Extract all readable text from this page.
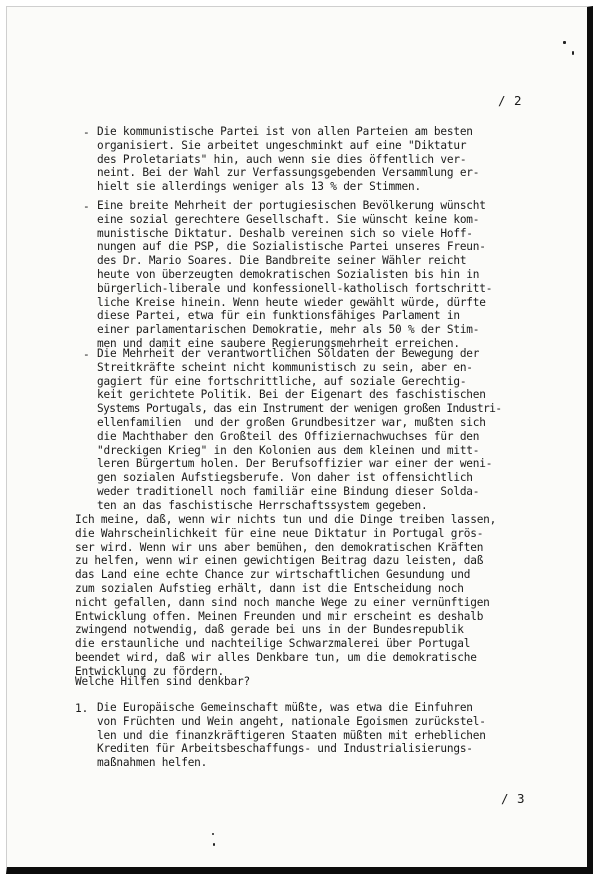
/ 2
- Die kommunistische Partei ist von allen Parteien am besten
organisiert. Sie arbeitet ungeschminkt auf eine "Diktatur
des Proletariats" hin, auch wenn sie dies öffentlich ver-
neint. Bei der Wahl zur Verfassungsgebenden Versammlung er-
hielt sie allerdings weniger als 13 % der Stimmen.
- Eine breite Mehrheit der portugiesischen Bevölkerung wünscht
eine sozial gerechtere Gesellschaft. Sie wünscht keine kom-
munistische Diktatur. Deshalb vereinen sich so viele Hoff-
nungen auf die PSP, die Sozialistische Partei unseres Freun-
des Dr. Mario Soares. Die Bandbreite seiner Wähler reicht
heute von überzeugten demokratischen Sozialisten bis hin in
bürgerlich-liberale und konfessionell-katholisch fortschritt-
liche Kreise hinein. Wenn heute wieder gewählt würde, dürfte
diese Partei, etwa für ein funktionsfähiges Parlament in
einer parlamentarischen Demokratie, mehr als 50 % der Stim-
men und damit eine saubere Regierungsmehrheit erreichen.
- Die Mehrheit der verantwortlichen Soldaten der Bewegung der
Streitkräfte scheint nicht kommunistisch zu sein, aber en-
gagiert für eine fortschrittliche, auf soziale Gerechtig-
keit gerichtete Politik. Bei der Eigenart des faschistischen
Systems Portugals, das ein Instrument der wenigen großen Industri-
ellenfamilien  und der großen Grundbesitzer war, mußten sich
die Machthaber den Großteil des Offiziernachwuchses für den
"dreckigen Krieg" in den Kolonien aus dem kleinen und mitt-
leren Bürgertum holen. Der Berufsoffizier war einer der weni-
gen sozialen Aufstiegsberufe. Von daher ist offensichtlich
weder traditionell noch familiär eine Bindung dieser Solda-
ten an das faschistische Herrschaftssystem gegeben.
Ich meine, daß, wenn wir nichts tun und die Dinge treiben lassen,
die Wahrscheinlichkeit für eine neue Diktatur in Portugal grös-
ser wird. Wenn wir uns aber bemühen, den demokratischen Kräften
zu helfen, wenn wir einen gewichtigen Beitrag dazu leisten, daß
das Land eine echte Chance zur wirtschaftlichen Gesundung und
zum sozialen Aufstieg erhält, dann ist die Entscheidung noch
nicht gefallen, dann sind noch manche Wege zu einer vernünftigen
Entwicklung offen. Meinen Freunden und mir erscheint es deshalb
zwingend notwendig, daß gerade bei uns in der Bundesrepublik
die erstaunliche und nachteilige Schwarzmalerei über Portugal
beendet wird, daß wir alles Denkbare tun, um die demokratische
Entwicklung zu fördern.
Welche Hilfen sind denkbar?
1. Die Europäische Gemeinschaft müßte, was etwa die Einfuhren
von Früchten und Wein angeht, nationale Egoismen zurückstel-
len und die finanzkräftigeren Staaten müßten mit erheblichen
Krediten für Arbeitsbeschaffungs- und Industrialisierungs-
maßnahmen helfen.
/ 3
